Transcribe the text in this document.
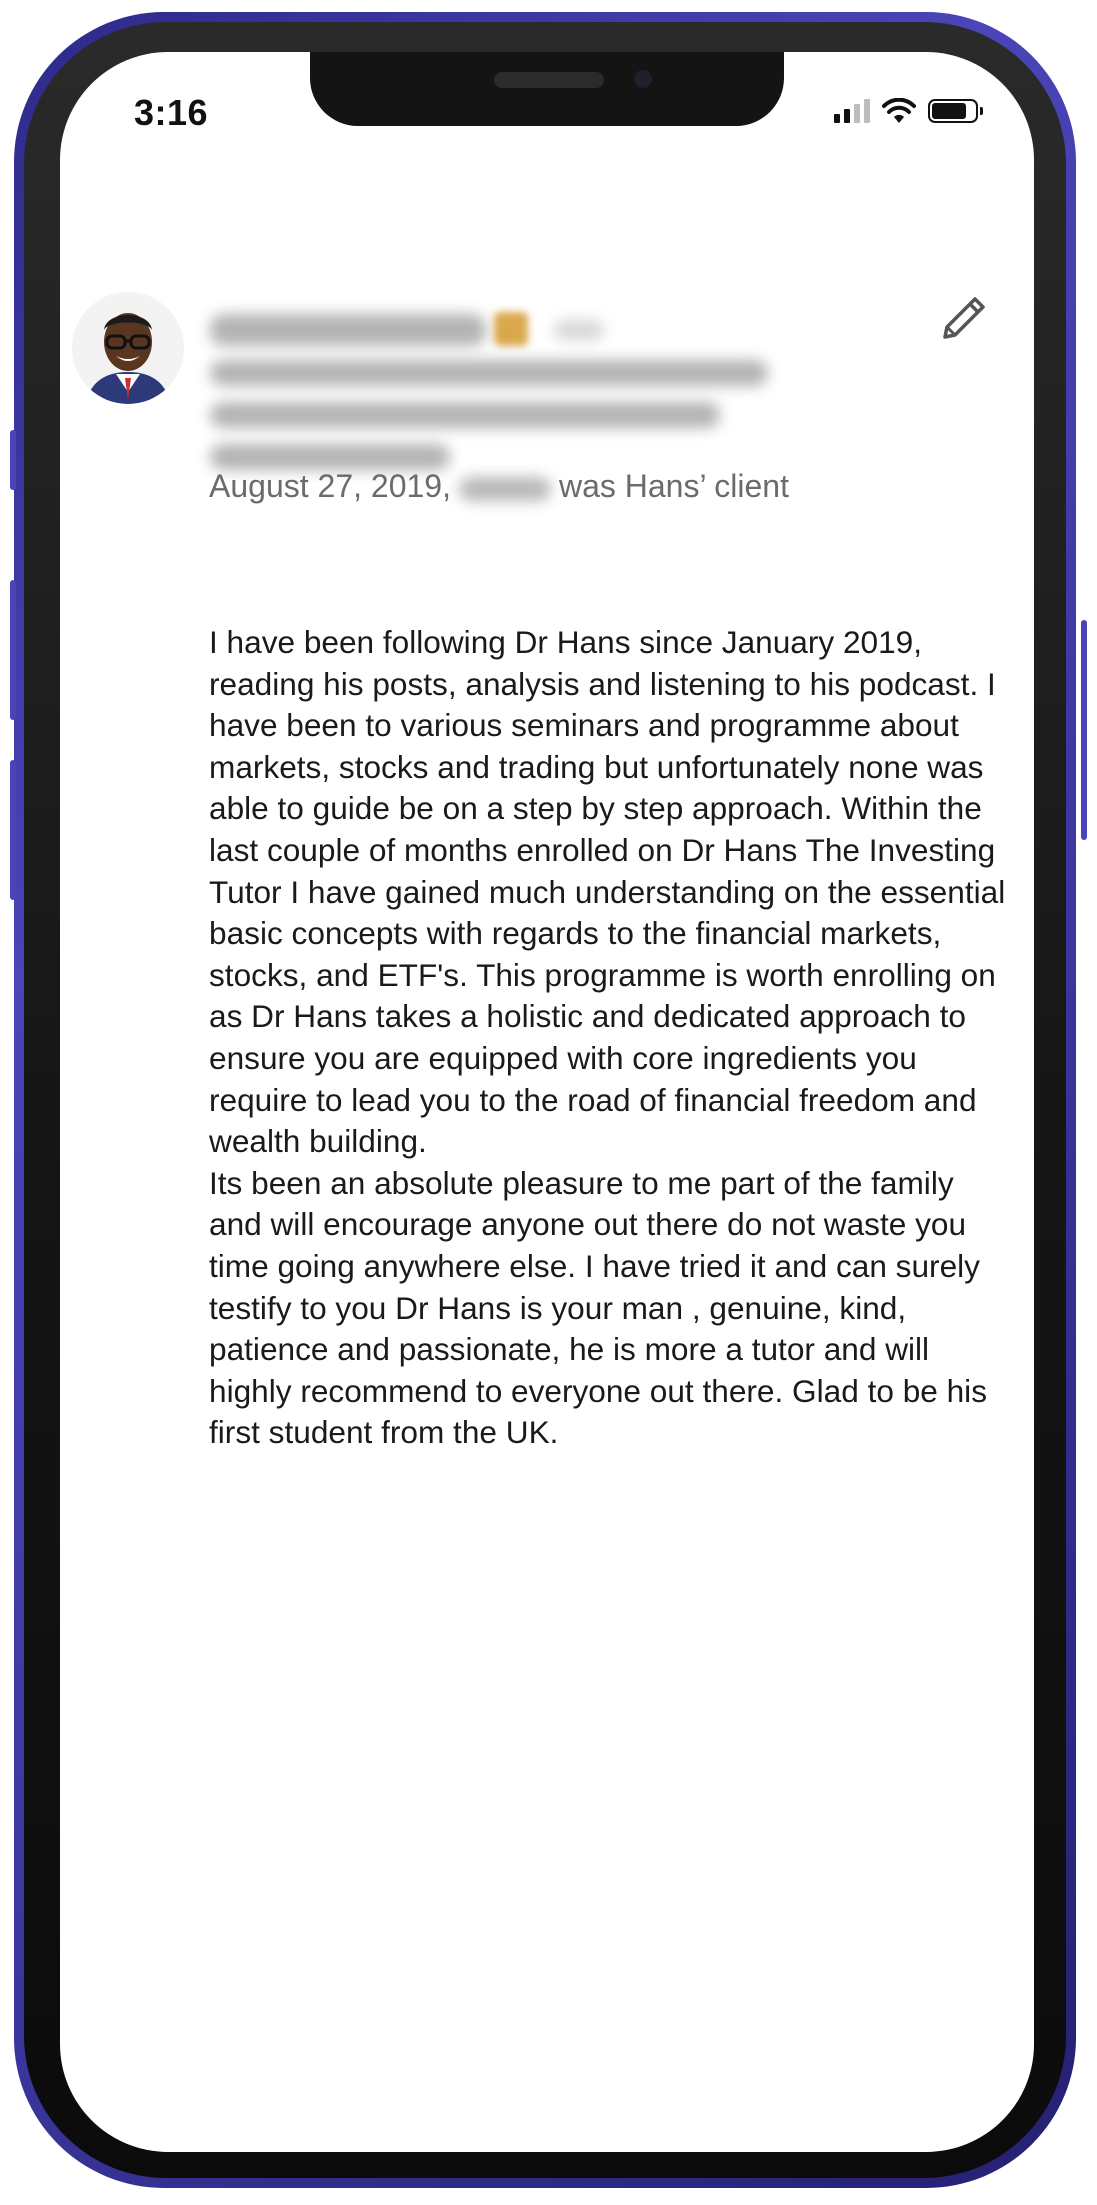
3:16
August 27, 2019,	was Hans’ client

I have been following Dr Hans since January 2019, reading his posts, analysis and listening to his podcast. I have been to various seminars and programme about markets, stocks and trading but unfortunately none was able to guide be on a step by step approach. Within the last couple of months enrolled on Dr Hans The Investing Tutor I have gained much understanding on the essential basic concepts with regards to the financial markets, stocks, and ETF's. This programme is worth enrolling on as Dr Hans takes a holistic and dedicated approach to ensure you are equipped with core ingredients you require to lead you to the road of financial freedom and wealth building.

Its been an absolute pleasure to me part of the family and will encourage anyone out there do not waste you time going anywhere else. I have tried it and can surely testify to you Dr Hans is your man , genuine, kind, patience and passionate, he is more a tutor and will highly recommend to everyone out there. Glad to be his first student from the UK.
